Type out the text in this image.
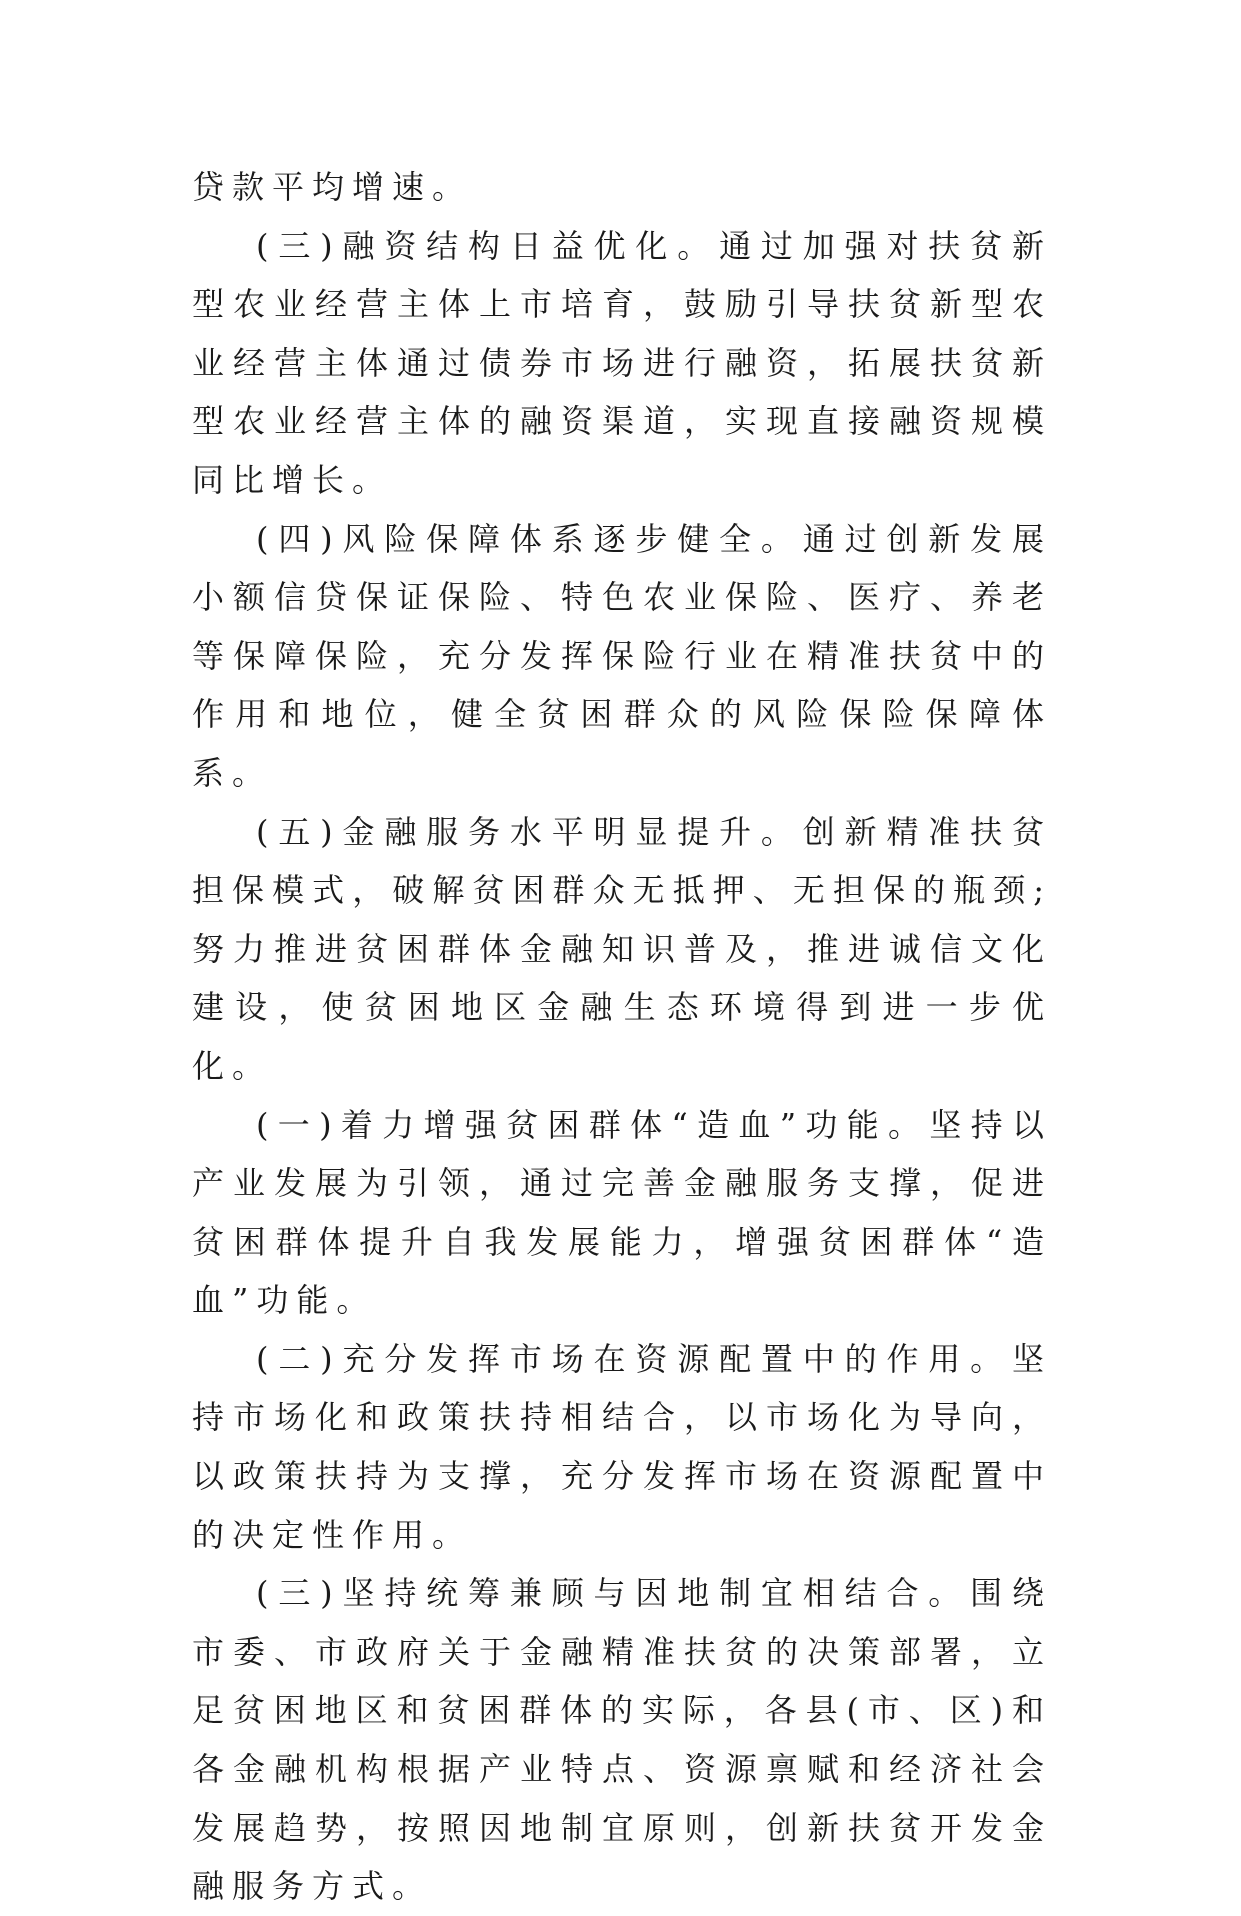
贷款平均增速。

(三)融资结构日益优化。通过加强对扶贫新型农业经营主体上市培育，鼓励引导扶贫新型农业经营主体通过债券市场进行融资，拓展扶贫新型农业经营主体的融资渠道，实现直接融资规模同比增长。

(四)风险保障体系逐步健全。通过创新发展小额信贷保证保险、特色农业保险、医疗、养老等保障保险，充分发挥保险行业在精准扶贫中的作用和地位，健全贫困群众的风险保险保障体系。

(五)金融服务水平明显提升。创新精准扶贫担保模式，破解贫困群众无抵押、无担保的瓶颈;努力推进贫困群体金融知识普及，推进诚信文化建设，使贫困地区金融生态环境得到进一步优化。

(一)着力增强贫困群体“造血”功能。坚持以产业发展为引领，通过完善金融服务支撑，促进贫困群体提升自我发展能力，增强贫困群体“造血”功能。

(二)充分发挥市场在资源配置中的作用。坚持市场化和政策扶持相结合，以市场化为导向，以政策扶持为支撑，充分发挥市场在资源配置中的决定性作用。

(三)坚持统筹兼顾与因地制宜相结合。围绕市委、市政府关于金融精准扶贫的决策部署，立足贫困地区和贫困群体的实际，各县(市、区)和各金融机构根据产业特点、资源禀赋和经济社会发展趋势，按照因地制宜原则，创新扶贫开发金融服务方式。
